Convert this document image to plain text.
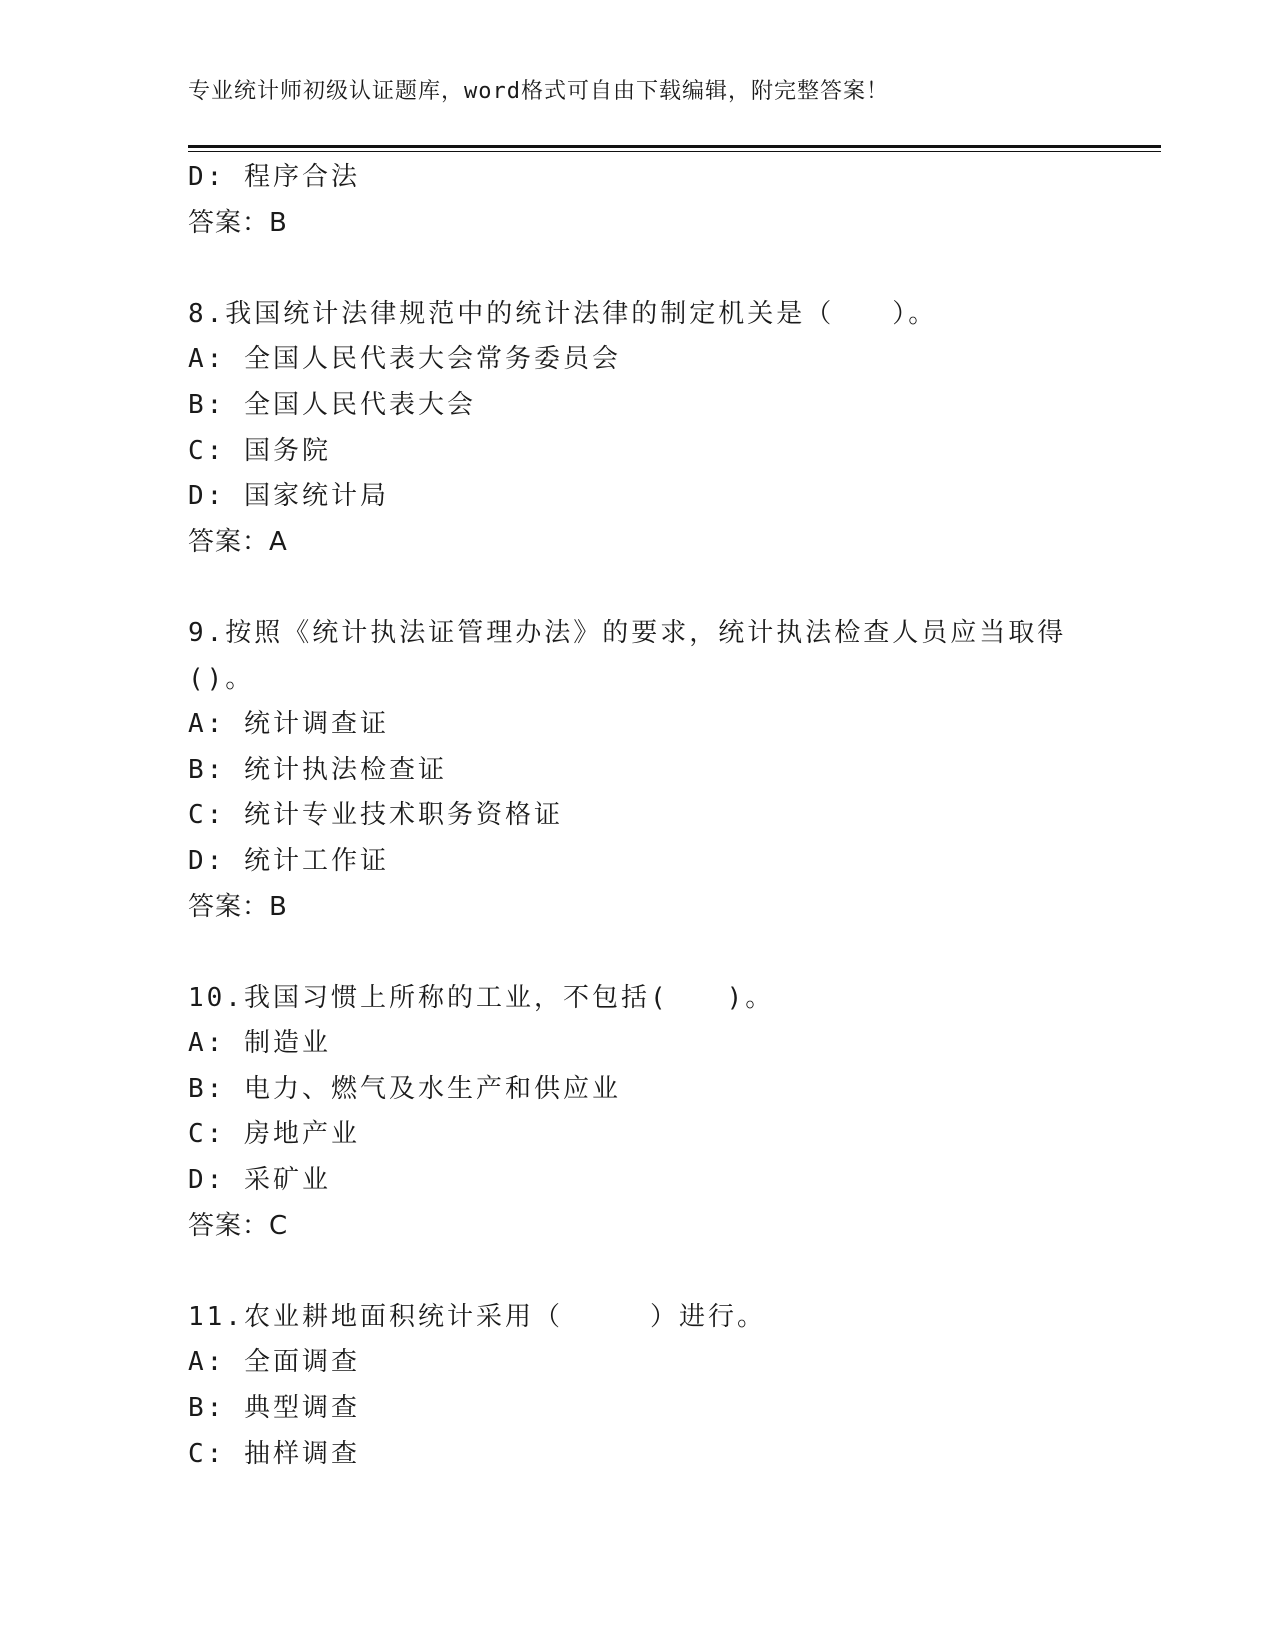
专业统计师初级认证题库，word格式可自由下载编辑，附完整答案！
D: 程序合法
答案：B
8.我国统计法律规范中的统计法律的制定机关是（　　）。
A: 全国人民代表大会常务委员会
B: 全国人民代表大会
C: 国务院
D: 国家统计局
答案：A
9.按照《统计执法证管理办法》的要求，统计执法检查人员应当取得
()。
A: 统计调查证
B: 统计执法检查证
C: 统计专业技术职务资格证
D: 统计工作证
答案：B
10.我国习惯上所称的工业，不包括(　　)。
A: 制造业
B: 电力、燃气及水生产和供应业
C: 房地产业
D: 采矿业
答案：C
11.农业耕地面积统计采用（　　　）进行。
A: 全面调查
B: 典型调查
C: 抽样调查
